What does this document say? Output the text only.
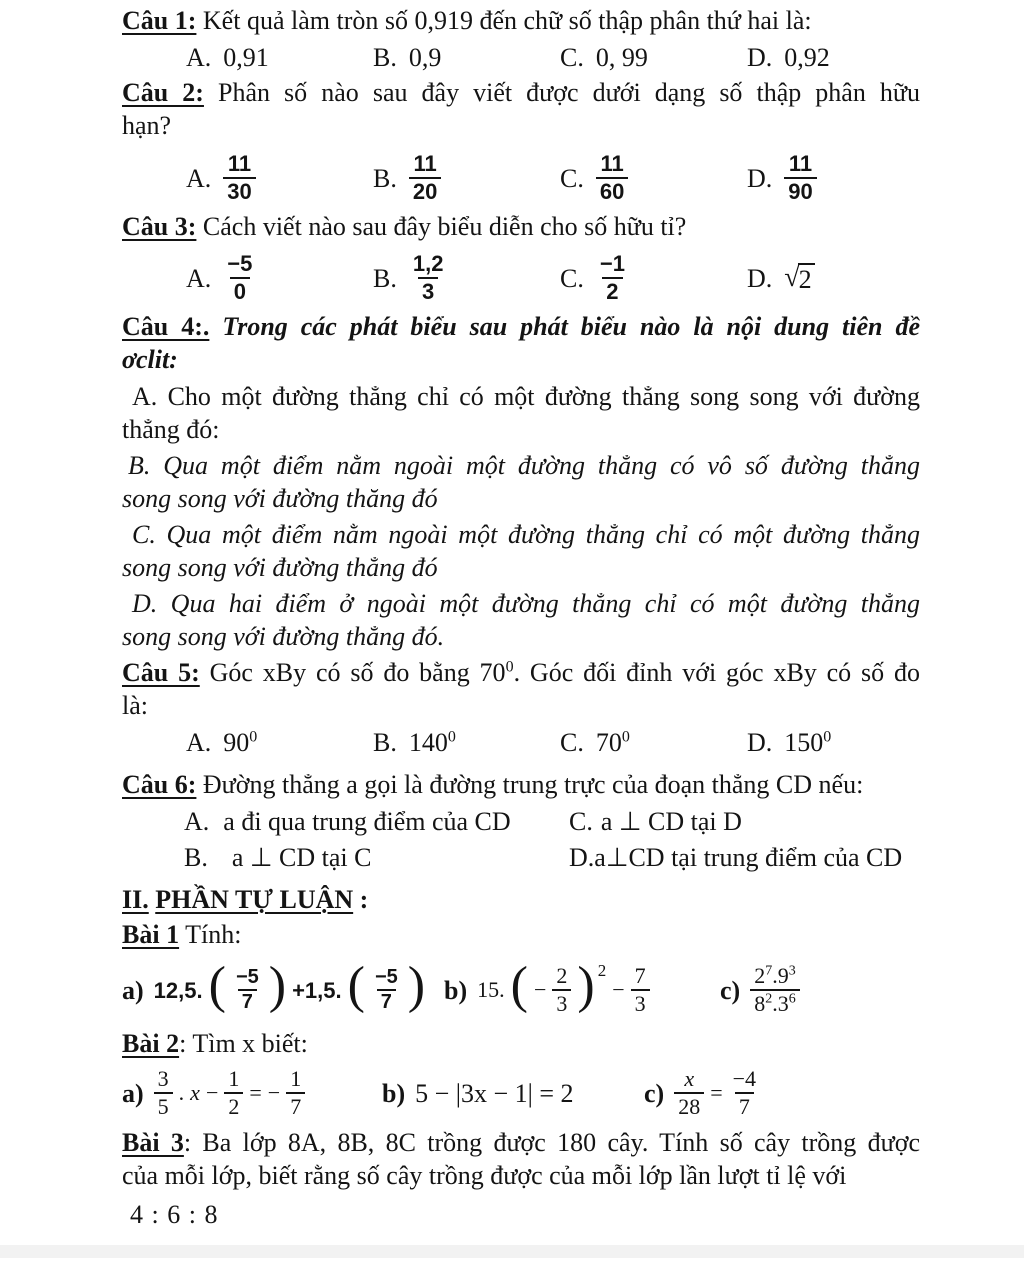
Câu 1: Kết quả làm tròn số 0,919 đến chữ số thập phân thứ hai là:
A. 0,91	B. 0,9	C. 0, 99	D. 0,92
Câu 2: Phân số nào sau đây viết được dưới dạng số thập phân hữu
hạn?
A. $\frac{11}{30}$	B. $\frac{11}{20}$	C. $\frac{11}{60}$	D. $\frac{11}{90}$
Câu 3: Cách viết nào sau đây biểu diễn cho số hữu tỉ?
A. $\frac{-5}{0}$	B. $\frac{1,2}{3}$	C. $\frac{-1}{2}$	D. √ 2
Câu 4:. Trong các phát biểu sau phát biểu nào là nội dung tiên đề
ơclit:
A. Cho một đường thẳng chỉ có một đường thẳng song song với đường
thẳng đó:
B. Qua một điểm nằm ngoài một đường thẳng có vô số đường thẳng
song song với đường thăng đó
C. Qua một điểm nằm ngoài một đường thẳng chỉ có một đường thẳng
song song với đường thẳng đó
D. Qua hai điểm ở ngoài một đường thẳng chỉ có một đường thẳng
song song với đường thẳng đó.
Câu 5: Góc xBy có số đo bằng $70^0$. Góc đối đỉnh với góc xBy có số đo
là:
A. $90^0$	B. $140^0$	C. $70^0$	D. $150^0$
Câu 6: Đường thẳng a gọi là đường trung trực của đoạn thẳng CD nếu:
A. a đi qua trung điểm của CD C. a ⊥ CD tại D
B. a ⊥ CD tại C	D.a⊥CD tại trung điểm của CD
II. PHẦN TỰ LUẬN :
Bài 1 Tính:
a) 12,5. ( $\frac{-5}{7}$ ) +1,5. ( $\frac{-5}{7}$ ) b) 15. ( − $\frac{2}{3}$ ) 2
− $\frac{7}{3}$	$c) \frac{2^7.9^3}{8^2.3^6}$
Bài 2: Tìm x biết:
$a) \frac{3}{5}$ . $x - \frac{1}{2}$ = − $\frac{1}{7}$	b) 5 − |3x − 1| = 2	$c) \frac{x}{28} = \frac{-4}{7}$
Bài 3: Ba lớp 8A, 8B, 8C trồng được 180 cây. Tính số cây trồng được
của mỗi lớp, biết rằng số cây trồng được của mỗi lớp lần lượt tỉ lệ với
4 : 6 : 8
